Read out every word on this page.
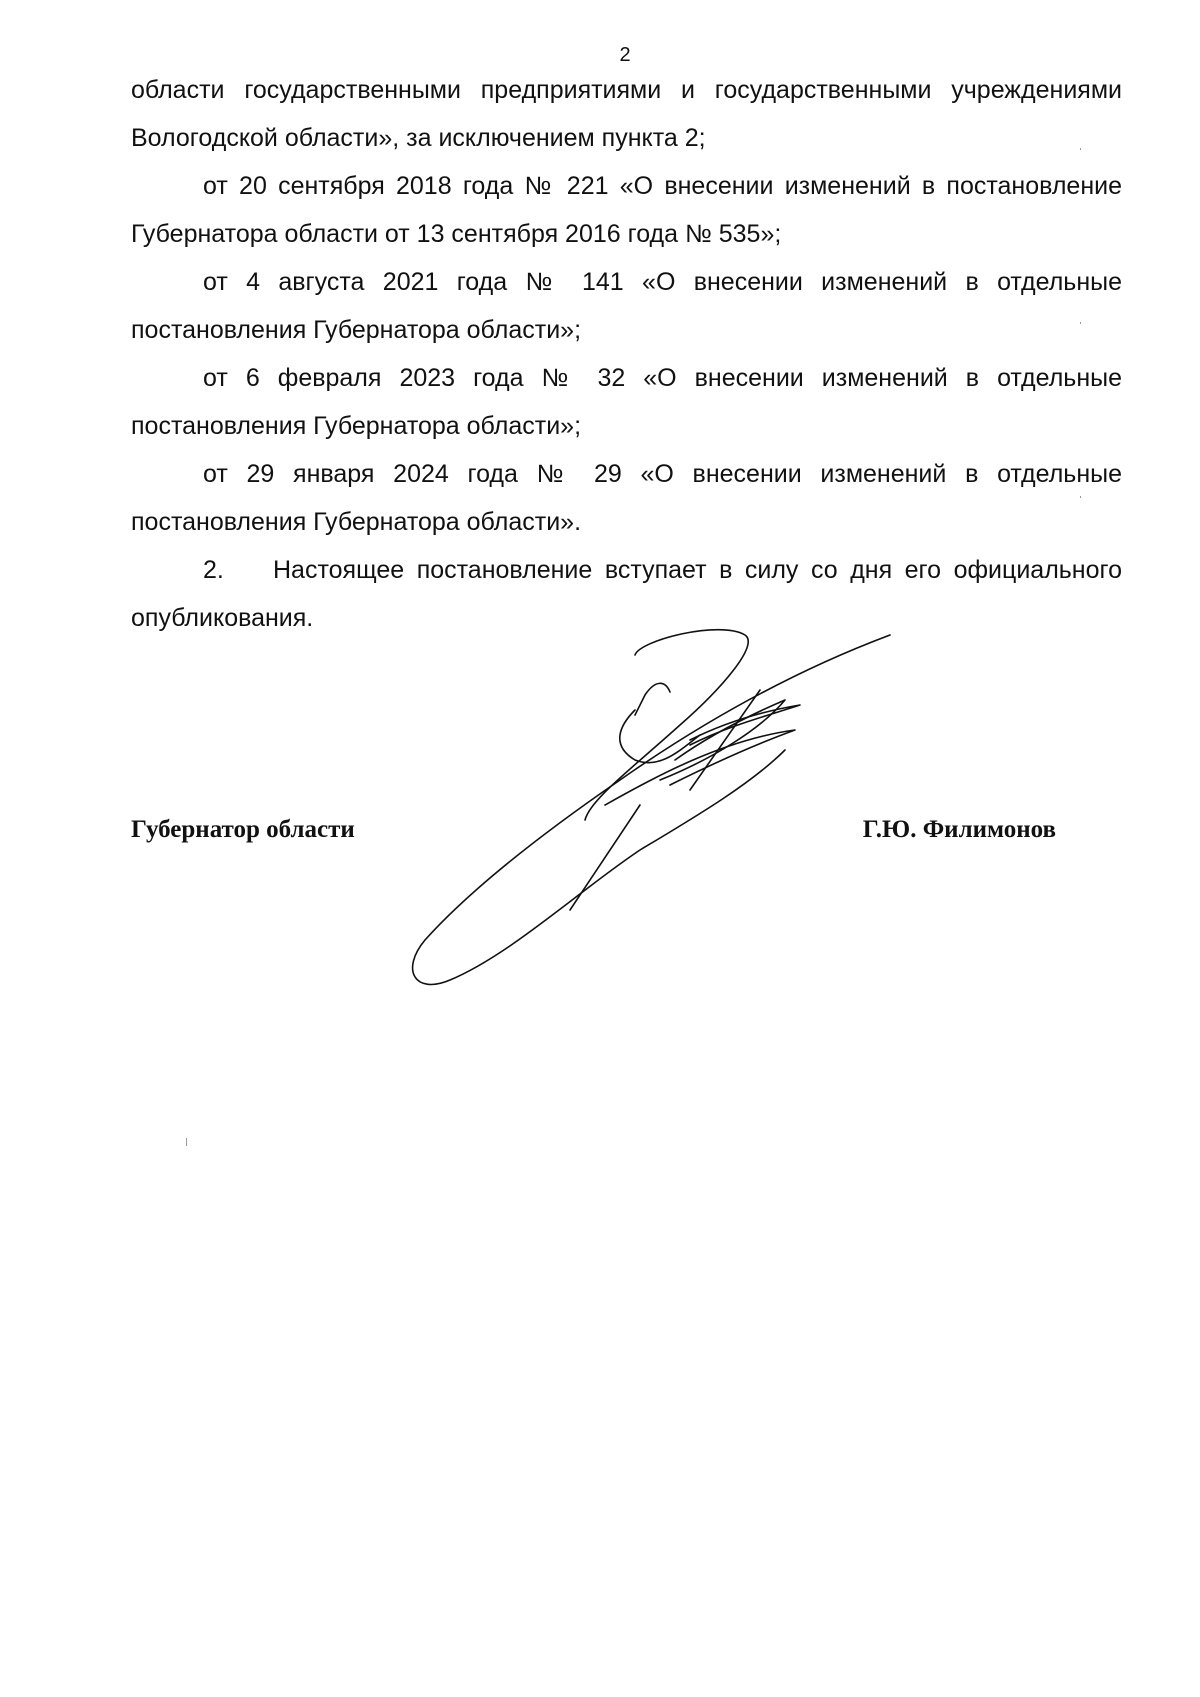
2

области государственными предприятиями и государственными учреждениями Вологодской области», за исключением пункта 2;

от 20 сентября 2018 года № 221 «О внесении изменений в постановление Губернатора области от 13 сентября 2016 года № 535»;

от 4 августа 2021 года № 141 «О внесении изменений в отдельные постановления Губернатора области»;

от 6 февраля 2023 года № 32 «О внесении изменений в отдельные постановления Губернатора области»;

от 29 января 2024 года № 29 «О внесении изменений в отдельные постановления Губернатора области».

2. Настоящее постановление вступает в силу со дня его официального опубликования.

Губернатор области	Г.Ю. Филимонов
